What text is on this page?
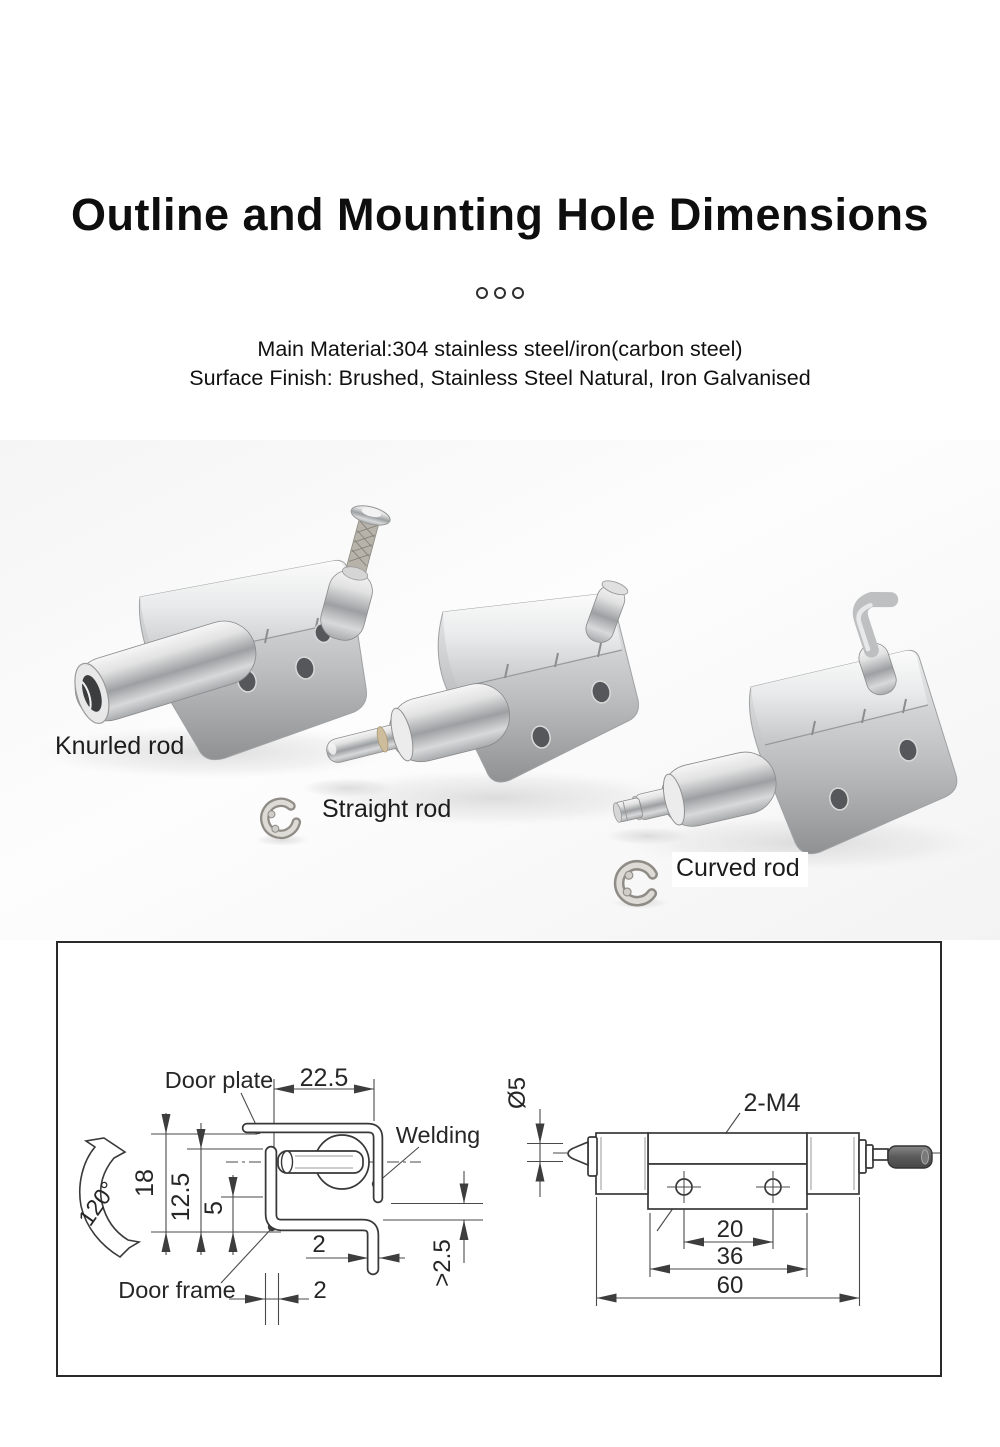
Outline and Mounting Hole Dimensions
Main Material:304 stainless steel/iron(carbon steel)
Surface Finish: Brushed, Stainless Steel Natural, Iron Galvanised
Knurled rod
Straight rod
Curved rod
Door plate 22.5
Welding
Door frame
18 12.5 5
120°
2
2
>2.5
Ø5	2-M4
20
36
60
